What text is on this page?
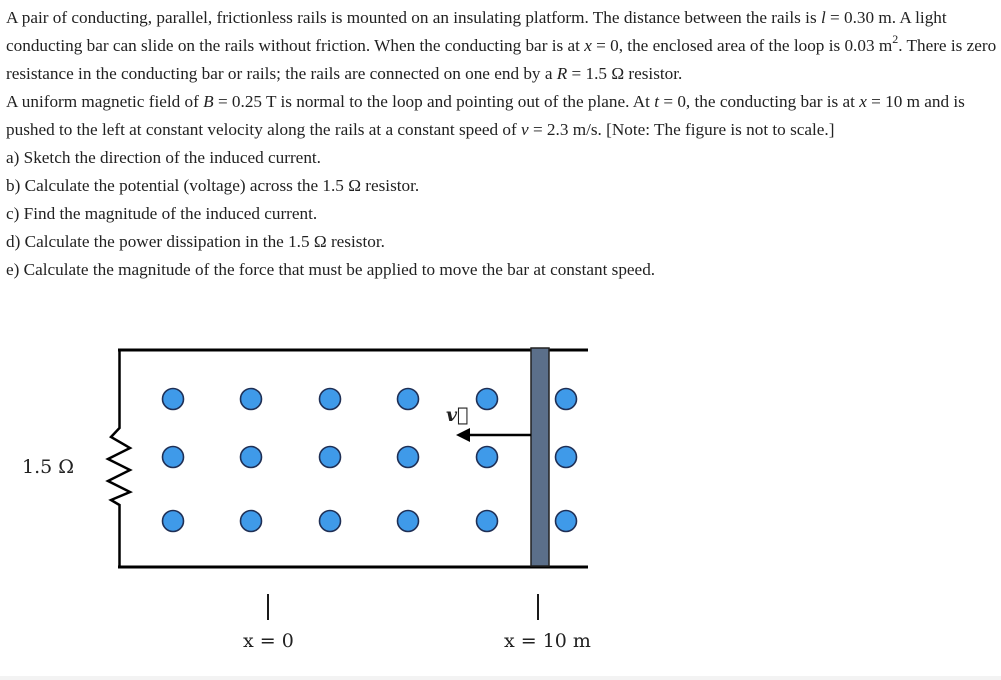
A pair of conducting, parallel, frictionless rails is mounted on an insulating platform. The distance between the rails is l = 0.30 m. A light conducting bar can slide on the rails without friction. When the conducting bar is at x = 0, the enclosed area of the loop is 0.03 $m^2$. There is zero resistance in the conducting bar or rails; the rails are connected on one end by a R = 1.5 Ω resistor.

A uniform magnetic field of B = 0.25 T is normal to the loop and pointing out of the plane. At t = 0, the conducting bar is at x = 10 m and is pushed to the left at constant velocity along the rails at a constant speed of v = 2.3 m/s. [Note: The figure is not to scale.]

a) Sketch the direction of the induced current.

b) Calculate the potential (voltage) across the 1.5 Ω resistor.

c) Find the magnitude of the induced current.

d) Calculate the power dissipation in the 1.5 Ω resistor.

e) Calculate the magnitude of the force that must be applied to move the bar at constant speed.

1.5 Ω
v⃗
x = 0	x = 10 m
